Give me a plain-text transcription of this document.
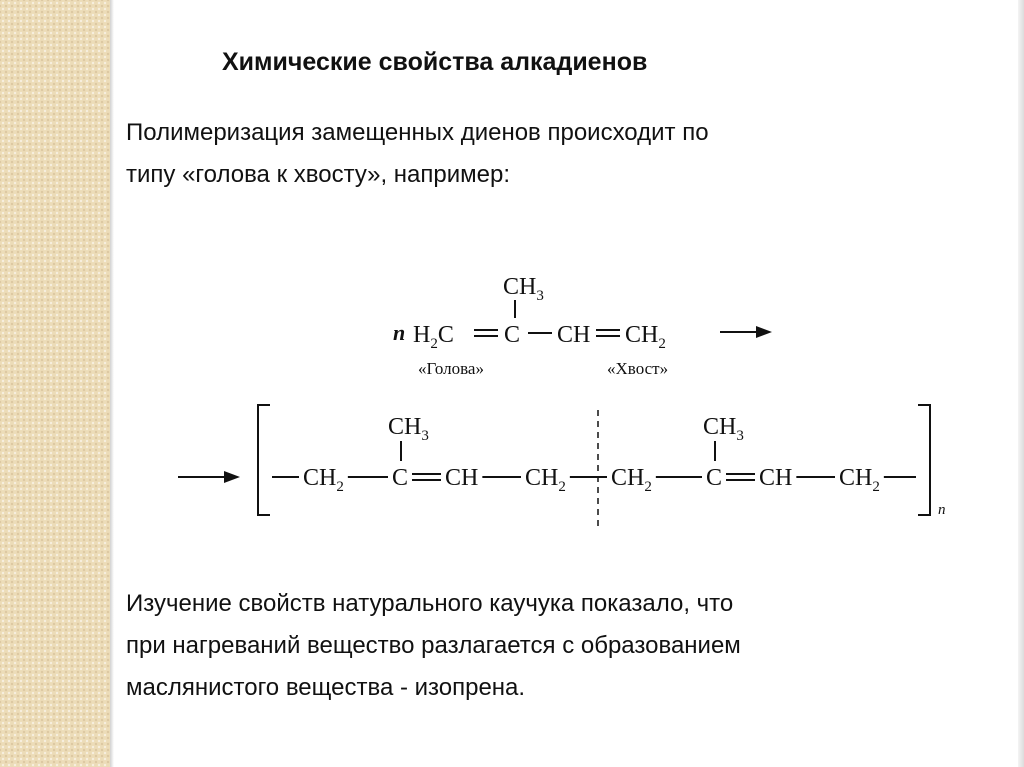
Химические свойства алкадиенов
Полимеризация замещенных диенов происходит по
типу «голова к хвосту», например:
$CH_3$
n $H_2C$ C CH $CH_2$
«Голова»	«Хвост»
n
$CH_3$	$CH_3$
$CH_2$ C CH $CH_2$ $CH_2$ C CH $CH_2$
Изучение свойств натурального каучука показало, что
при нагреваний вещество разлагается с образованием
маслянистого вещества - изопрена.
